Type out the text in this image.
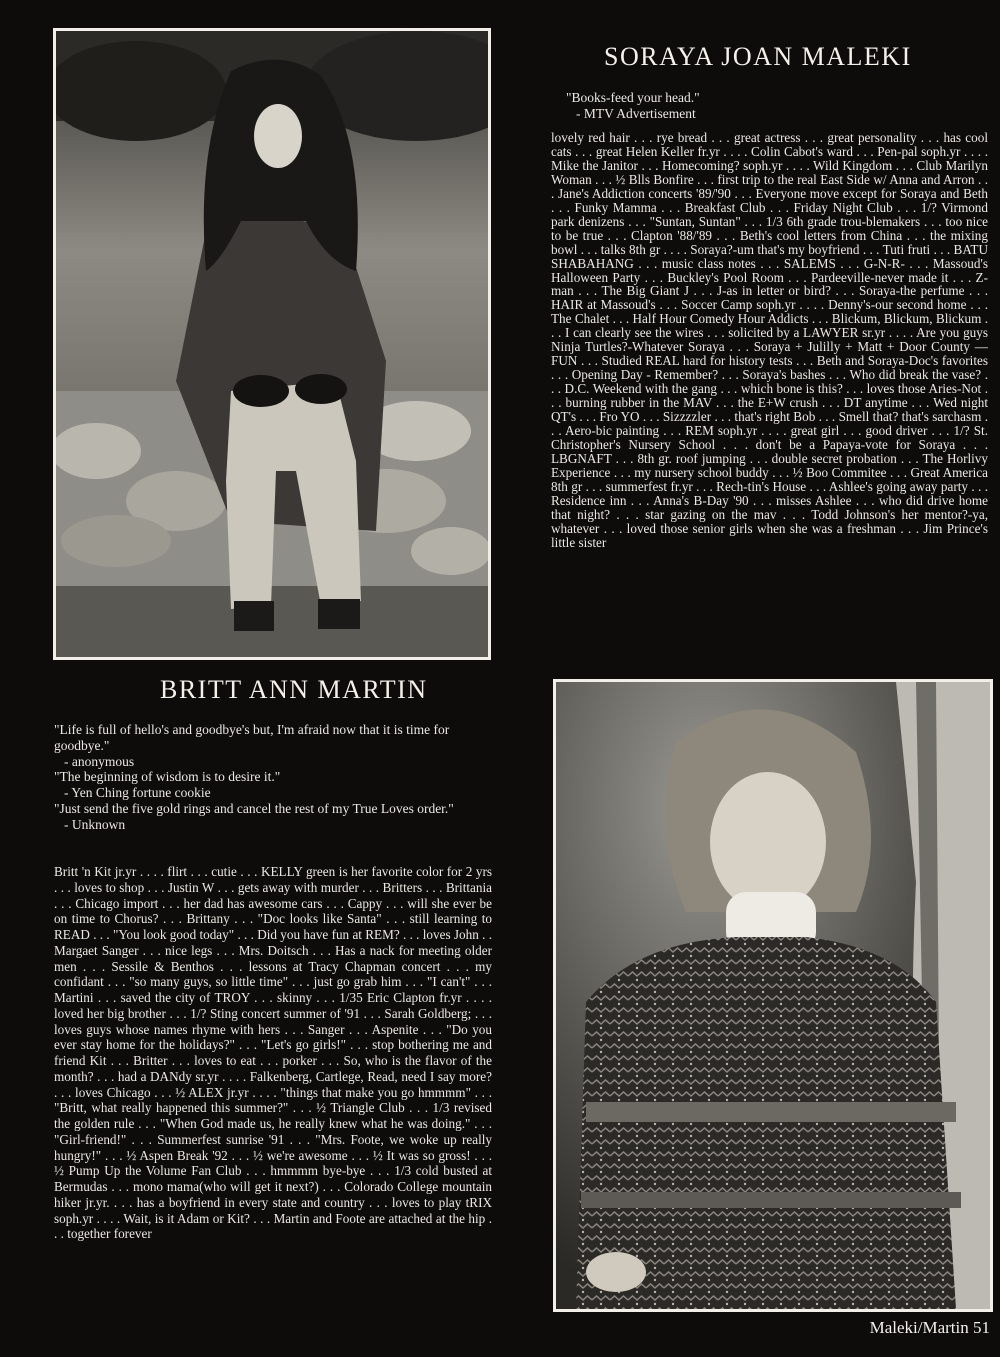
SORAYA JOAN MALEKI
"Books-feed your head."
- MTV Advertisement

lovely red hair . . . rye bread . . . great actress . . . great personality . . . has cool cats . . . great Helen Keller fr.yr . . . . Colin Cabot's ward . . . Pen-pal soph.yr . . . . Mike the Janitor . . . Homecoming? soph.yr . . . . Wild Kingdom . . . Club Marilyn Woman . . . ½ Blls Bonfire . . . first trip to the real East Side w/ Anna and Arron . . . Jane's Addiction concerts '89/'90 . . . Everyone move except for Soraya and Beth . . . Funky Mamma . . . Breakfast Club . . . Friday Night Club . . . 1/? Virmond park denizens . . . "Suntan, Suntan" . . . 1/3 6th grade trou-blemakers . . . too nice to be true . . . Clapton '88/'89 . . . Beth's cool letters from China . . . the mixing bowl . . . talks 8th gr . . . . Soraya?-um that's my boyfriend . . . Tuti fruti . . . BATU SHABAHANG . . . music class notes . . . SALEMS . . . G-N-R- . . . Massoud's Halloween Party . . . Buckley's Pool Room . . . Pardeeville-never made it . . . Z-man . . . The Big Giant J . . . J-as in letter or bird? . . . Soraya-the perfume . . . HAIR at Massoud's . . . Soccer Camp soph.yr . . . . Denny's-our second home . . . The Chalet . . . Half Hour Comedy Hour Addicts . . . Blickum, Blickum, Blickum . . . I can clearly see the wires . . . solicited by a LAWYER sr.yr . . . . Are you guys Ninja Turtles?-Whatever Soraya . . . Soraya + Julilly + Matt + Door County — FUN . . . Studied REAL hard for history tests . . . Beth and Soraya-Doc's favorites . . . Opening Day - Remember? . . . Soraya's bashes . . . Who did break the vase? . . . D.C. Weekend with the gang . . . which bone is this? . . . loves those Aries-Not . . . burning rubber in the MAV . . . the E+W crush . . . DT anytime . . . Wed night QT's . . . Fro YO . . . Sizzzzler . . . that's right Bob . . . Smell that? that's sarchasm . . . Aero-bic painting . . . REM soph.yr . . . . great girl . . . good driver . . . 1/? St. Christopher's Nursery School . . . don't be a Papaya-vote for Soraya . . . LBGNAFT . . . 8th gr. roof jumping . . . double secret probation . . . The Horlivy Experience . . . my nursery school buddy . . . ½ Boo Commitee . . . Great America 8th gr . . . summerfest fr.yr . . . Rech-tin's House . . . Ashlee's going away party . . . Residence inn . . . Anna's B-Day '90 . . . misses Ashlee . . . who did drive home that night? . . . star gazing on the mav . . . Todd Johnson's her mentor?-ya, whatever . . . loved those senior girls when she was a freshman . . . Jim Prince's little sister

BRITT ANN MARTIN
"Life is full of hello's and goodbye's but, I'm afraid now that it is time for goodbye."
- anonymous
"The beginning of wisdom is to desire it."
- Yen Ching fortune cookie
"Just send the five gold rings and cancel the rest of my True Loves order."
- Unknown

Britt 'n Kit jr.yr . . . . flirt . . . cutie . . . KELLY green is her favorite color for 2 yrs . . . loves to shop . . . Justin W . . . gets away with murder . . . Britters . . . Brittania . . . Chicago import . . . her dad has awesome cars . . . Cappy . . . will she ever be on time to Chorus? . . . Brittany . . . "Doc looks like Santa" . . . still learning to READ . . . "You look good today" . . . Did you have fun at REM? . . . loves John . . Margaet Sanger . . . nice legs . . . Mrs. Doitsch . . . Has a nack for meeting older men . . . Sessile & Benthos . . . lessons at Tracy Chapman concert . . . my confidant . . . "so many guys, so little time" . . . just go grab him . . . "I can't" . . . Martini . . . saved the city of TROY . . . skinny . . . 1/35 Eric Clapton fr.yr . . . . loved her big brother . . . 1/? Sting concert summer of '91 . . . Sarah Goldberg; . . . loves guys whose names rhyme with hers . . . Sanger . . . Aspenite . . . "Do you ever stay home for the holidays?" . . . "Let's go girls!" . . . stop bothering me and friend Kit . . . Britter . . . loves to eat . . . porker . . . So, who is the flavor of the month? . . . had a DANdy sr.yr . . . . Falkenberg, Cartlege, Read, need I say more? . . . loves Chicago . . . ½ ALEX jr.yr . . . . "things that make you go hmmmm" . . . "Britt, what really happened this summer?" . . . ½ Triangle Club . . . 1/3 revised the golden rule . . . "When God made us, he really knew what he was doing." . . . "Girl-friend!" . . . Summerfest sunrise '91 . . . "Mrs. Foote, we woke up really hungry!" . . . ½ Aspen Break '92 . . . ½ we're awesome . . . ½ It was so gross! . . . ½ Pump Up the Volume Fan Club . . . hmmmm bye-bye . . . 1/3 cold busted at Bermudas . . . mono mama(who will get it next?) . . . Colorado College mountain hiker jr.yr. . . . has a boyfriend in every state and country . . . loves to play tRIX soph.yr . . . . Wait, is it Adam or Kit? . . . Martin and Foote are attached at the hip . . . together forever

Maleki/Martin 51
